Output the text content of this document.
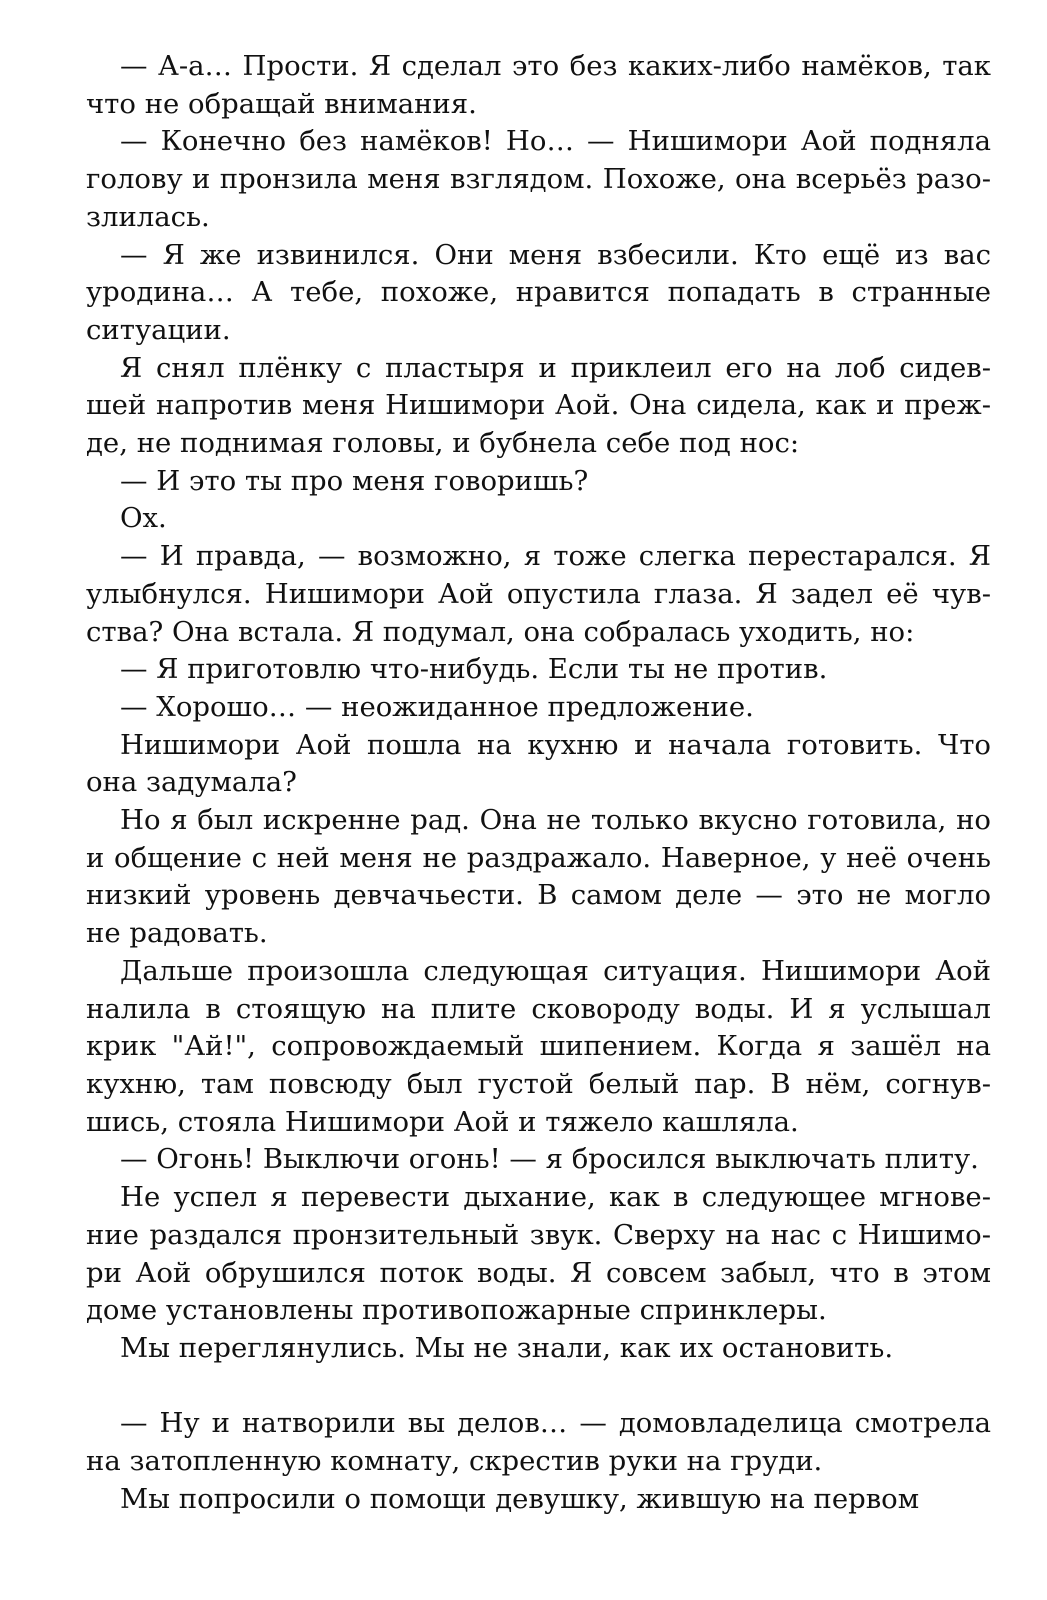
— А-а… Прости. Я сделал это без каких-либо намёков, так что не обращай внимания.

— Конечно без намёков! Но… — Нишимори Аой подняла голову и пронзила меня взглядом. Похоже, она всерьёз разозлилась.

— Я же извинился. Они меня взбесили. Кто ещё из вас уродина… А тебе, похоже, нравится попадать в странные ситуации.

Я снял плёнку с пластыря и приклеил его на лоб сидевшей напротив меня Нишимори Аой. Она сидела, как и прежде, не поднимая головы, и бубнела себе под нос:

— И это ты про меня говоришь?

Ох.

— И правда, — возможно, я тоже слегка перестарался. Я улыбнулся. Нишимори Аой опустила глаза. Я задел её чувства? Она встала. Я подумал, она собралась уходить, но:

— Я приготовлю что-нибудь. Если ты не против.

— Хорошо… — неожиданное предложение.

Нишимори Аой пошла на кухню и начала готовить. Что она задумала?

Но я был искренне рад. Она не только вкусно готовила, но и общение с ней меня не раздражало. Наверное, у неё очень низкий уровень девчачьести. В самом деле — это не могло не радовать.

Дальше произошла следующая ситуация. Нишимори Аой налила в стоящую на плите сковороду воды. И я услышал крик "Ай!", сопровождаемый шипением. Когда я зашёл на кухню, там повсюду был густой белый пар. В нём, согнувшись, стояла Нишимори Аой и тяжело кашляла.

— Огонь! Выключи огонь! — я бросился выключать плиту.

Не успел я перевести дыхание, как в следующее мгновение раздался пронзительный звук. Сверху на нас с Нишимори Аой обрушился поток воды. Я совсем забыл, что в этом доме установлены противопожарные спринклеры.

Мы переглянулись. Мы не знали, как их остановить.

— Ну и натворили вы делов… — домовладелица смотрела на затопленную комнату, скрестив руки на груди.

Мы попросили о помощи девушку, жившую на первом
